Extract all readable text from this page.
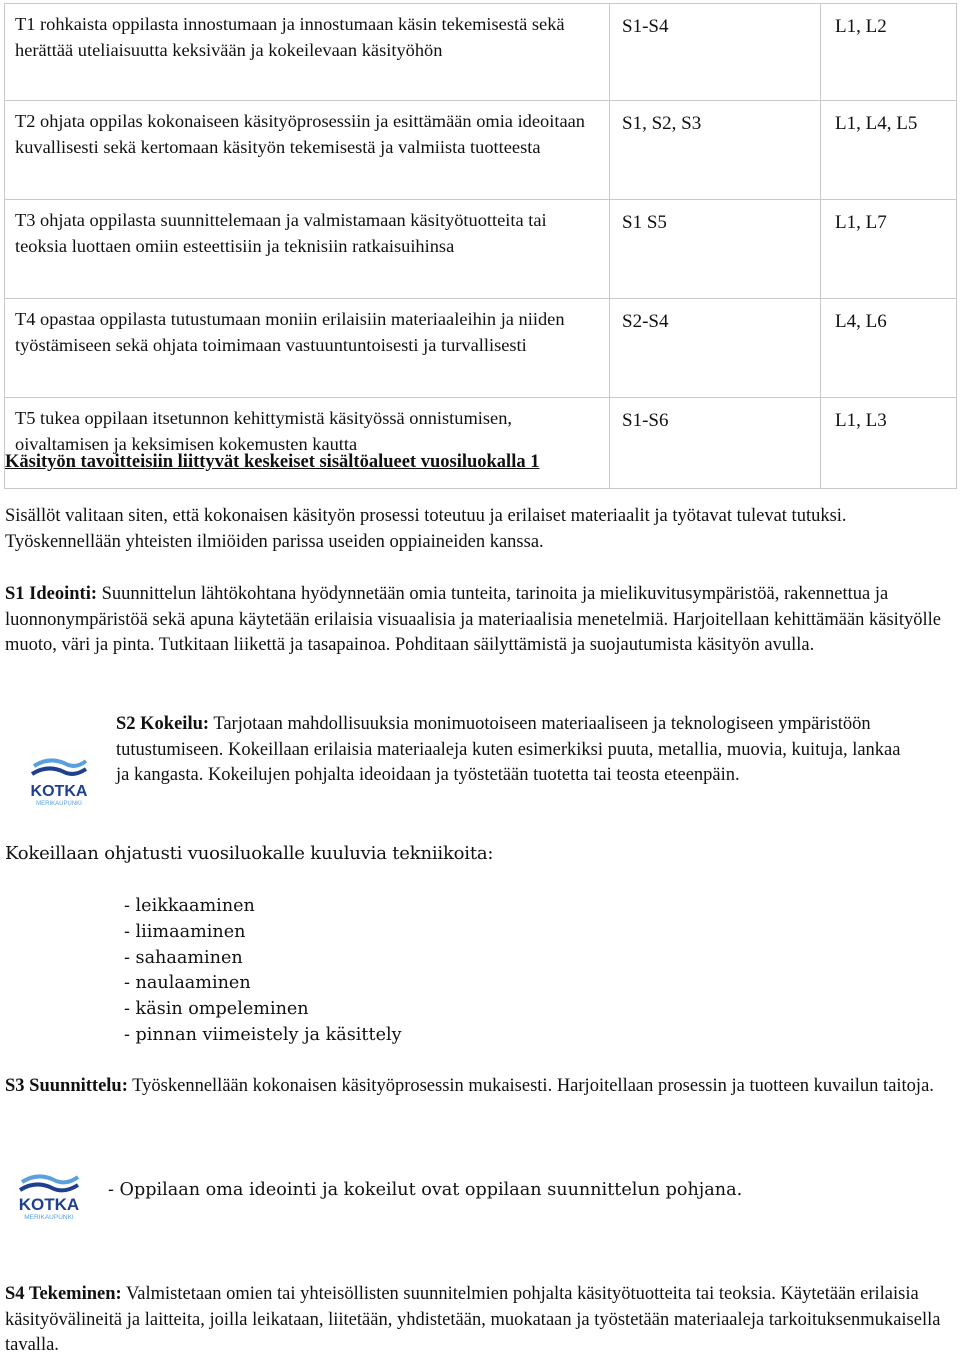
T1 rohkaista oppilasta innostumaan ja innostumaan käsin tekemisestä sekä herättää uteliaisuutta keksivään ja kokeilevaan käsityöhön	S1-S4	L1, L2
T2 ohjata oppilas kokonaiseen käsityöprosessiin ja esittämään omia ideoitaan kuvallisesti sekä kertomaan käsityön tekemisestä ja valmiista tuotteesta	S1, S2, S3	L1, L4, L5
T3 ohjata oppilasta suunnittelemaan ja valmistamaan käsityötuotteita tai teoksia luottaen omiin esteettisiin ja teknisiin ratkaisuihinsa	S1 S5	L1, L7
T4 opastaa oppilasta tutustumaan moniin erilaisiin materiaaleihin ja niiden työstämiseen sekä ohjata toimimaan vastuuntuntoisesti ja turvallisesti	S2-S4	L4, L6
T5 tukea oppilaan itsetunnon kehittymistä käsityössä onnistumisen, oivaltamisen ja keksimisen kokemusten kautta	S1-S6	L1, L3
Käsityön tavoitteisiin liittyvät keskeiset sisältöalueet vuosiluokalla 1
Sisällöt valitaan siten, että kokonaisen käsityön prosessi toteutuu ja erilaiset materiaalit ja työtavat tulevat tutuksi. Työskennellään yhteisten ilmiöiden parissa useiden oppiaineiden kanssa.
S1 Ideointi: Suunnittelun lähtökohtana hyödynnetään omia tunteita, tarinoita ja mielikuvitusympäristöä, rakennettua ja luonnonympäristöä sekä apuna käytetään erilaisia visuaalisia ja materiaalisia menetelmiä. Harjoitellaan kehittämään käsityölle muoto, väri ja pinta. Tutkitaan liikettä ja tasapainoa. Pohditaan säilyttämistä ja suojautumista käsityön avulla.
KOTKA
MERIKAUPUNKI
S2 Kokeilu: Tarjotaan mahdollisuuksia monimuotoiseen materiaaliseen ja teknologiseen ympäristöön tutustumiseen. Kokeillaan erilaisia materiaaleja kuten esimerkiksi puuta, metallia, muovia, kuituja, lankaa ja kangasta. Kokeilujen pohjalta ideoidaan ja työstetään tuotetta tai teosta eteenpäin.
Kokeillaan ohjatusti vuosiluokalle kuuluvia tekniikoita:
- leikkaaminen
- liimaaminen
- sahaaminen
- naulaaminen
- käsin ompeleminen
- pinnan viimeistely ja käsittely
S3 Suunnittelu: Työskennellään kokonaisen käsityöprosessin mukaisesti. Harjoitellaan prosessin ja tuotteen kuvailun taitoja.
KOTKA
MERIKAUPUNKI
- Oppilaan oma ideointi ja kokeilut ovat oppilaan suunnittelun pohjana.
S4 Tekeminen: Valmistetaan omien tai yhteisöllisten suunnitelmien pohjalta käsityötuotteita tai teoksia. Käytetään erilaisia käsityövälineitä ja laitteita, joilla leikataan, liitetään, yhdistetään, muokataan ja työstetään materiaaleja tarkoituksenmukaisella tavalla.
